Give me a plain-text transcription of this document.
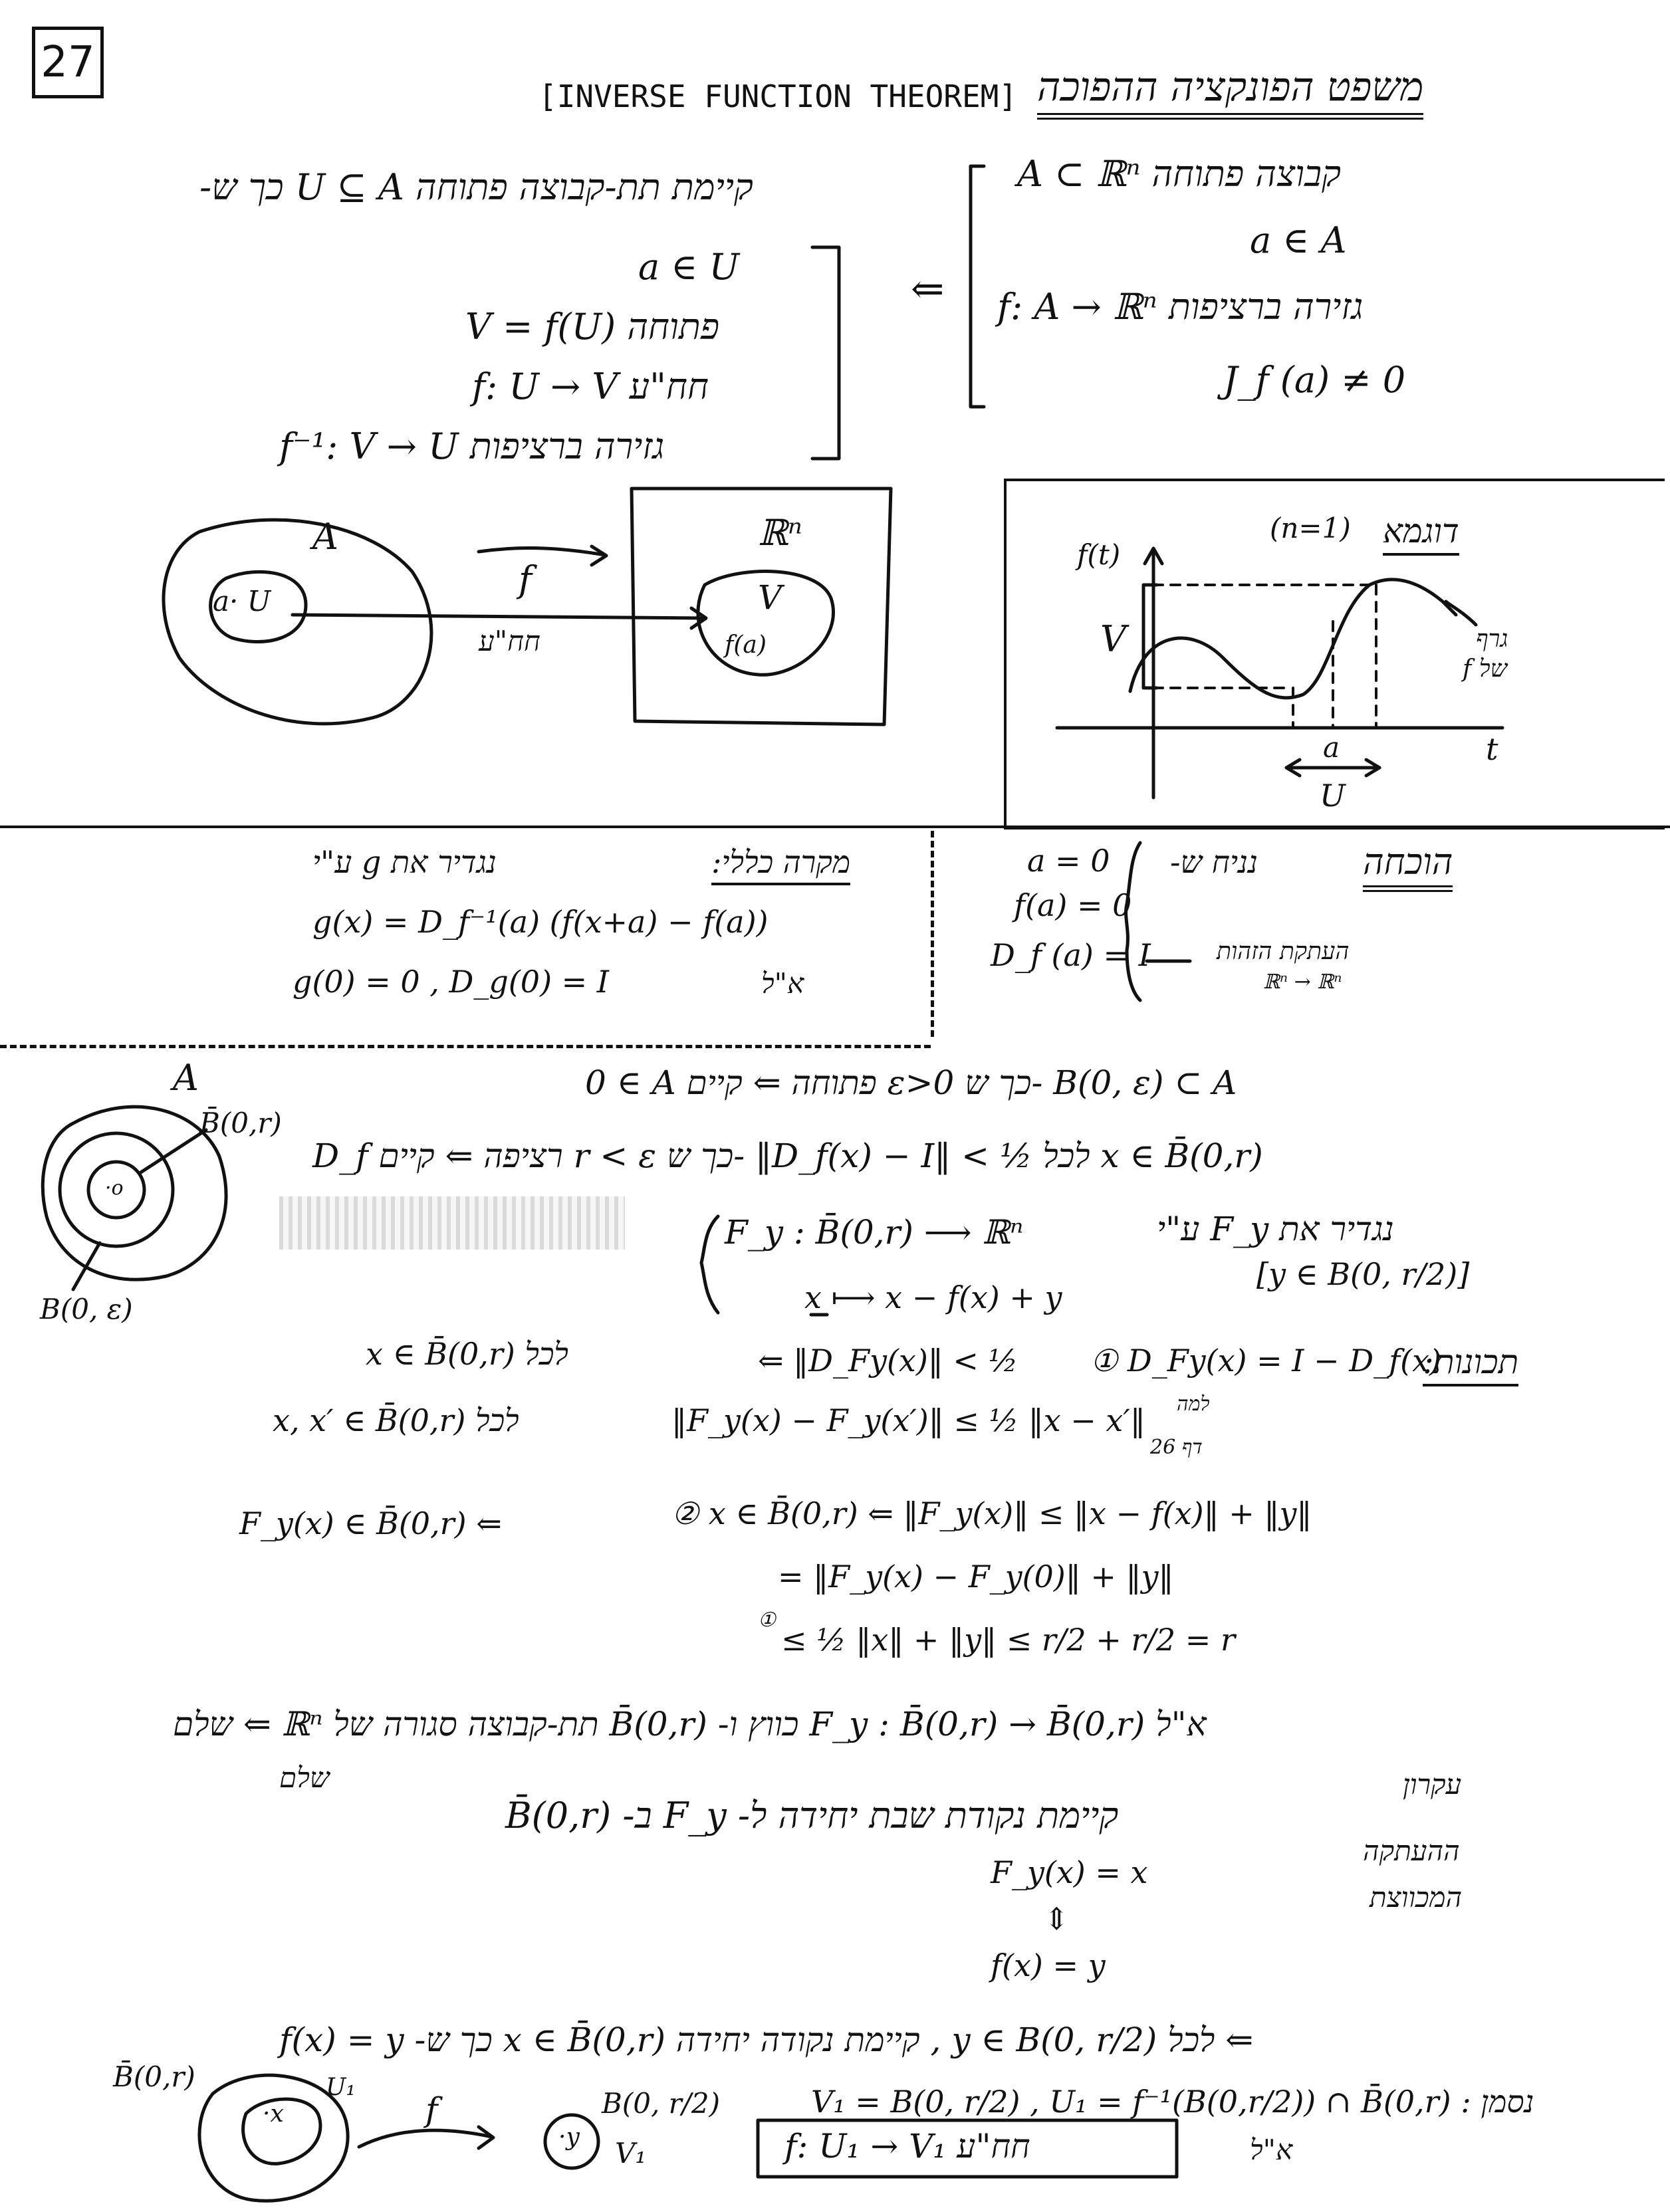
27
[INVERSE FUNCTION THEOREM] משפט הפונקציה ההפוכה
A ⊂ ℝⁿ קבוצה פתוחה
a ∈ A
f: A → ℝⁿ גזירה ברציפות
J_f (a) ≠ 0
⇐
קיימת תת-קבוצה פתוחה U ⊆ A כך ש-
a ∈ U
V = f(U) פתוחה
f: U → V חח"ע
f⁻¹: V → U גזירה ברציפות
A
a· U
f
חח"ע
ℝⁿ
V
f(a)
דוגמא
(n=1)
f(t)
V
a	t
U
גרף
f של
הוכחה
נניח ש-
a = 0
f(a) = 0
D_f (a) = I	העתקת הזהות
ℝⁿ → ℝⁿ
מקרה כללי:
נגדיר את g ע"י
g(x) = D_f⁻¹(a) (f(x+a) − f(a))
g(0) = 0 , D_g(0) = I	א"ל
A
B̄(0,r)
·o
B(0, ε)
0 ∈ A פתוחה ⇐ קיים ε>0 כך ש- B(0, ε) ⊂ A
D_f רציפה ⇐ קיים r < ε כך ש- ‖D_f(x) − I‖ < ½ לכל x ∈ B̄(0,r)
נגדיר את F_y ע"י
[y ∈ B(0, r/2)]
F_y : B̄(0,r) ⟶ ℝⁿ
x ⟼ x − f(x) + y
תכונות:
① D_Fy(x) = I − D_f(x)
⇐ ‖D_Fy(x)‖ < ½
לכל x ∈ B̄(0,r)
למה
דף 26
‖F_y(x) − F_y(x′)‖ ≤ ½ ‖x − x′‖
לכל x, x′ ∈ B̄(0,r)
② x ∈ B̄(0,r) ⇐ ‖F_y(x)‖ ≤ ‖x − f(x)‖ + ‖y‖
= ‖F_y(x) − F_y(0)‖ + ‖y‖
①
≤ ½ ‖x‖ + ‖y‖ ≤ r/2 + r/2 = r
F_y(x) ∈ B̄(0,r) ⇐
א"ל F_y : B̄(0,r) → B̄(0,r) כווץ ו- B̄(0,r) תת-קבוצה סגורה של ℝⁿ ⇐ שלם
שלם	עקרון
ההעתקה
המכווצת
קיימת נקודת שבת יחידה ל- F_y ב- B̄(0,r)
F_y(x) = x
⇕
f(x) = y
⇐ לכל y ∈ B(0, r/2) , קיימת נקודה יחידה x ∈ B̄(0,r) כך ש- f(x) = y
נסמן : V₁ = B(0, r/2) , U₁ = f⁻¹(B(0,r/2)) ∩ B̄(0,r)
f: U₁ → V₁ חח"ע	א"ל
B̄(0,r)
·x
U₁
f
·y
B(0, r/2)
V₁
